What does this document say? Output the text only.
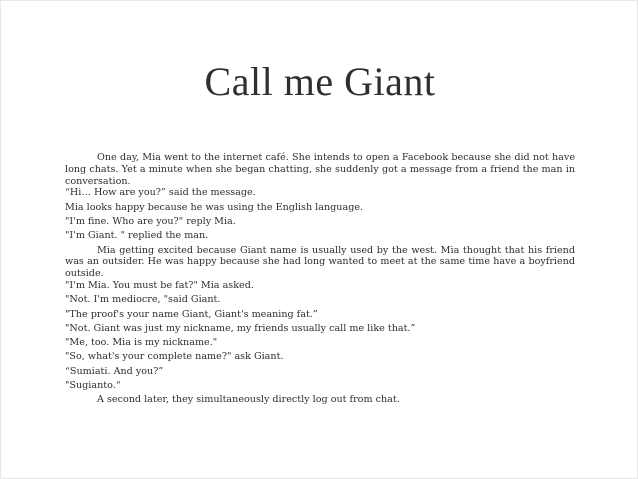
Call me Giant

One day, Mia went to the internet café. She intends to open a Facebook because she did not have long chats. Yet a minute when she began chatting, she suddenly got a message from a friend the man in conversation.

“Hi… How are you?” said the message.

Mia looks happy because he was using the English language.

"I'm fine. Who are you?" reply Mia.

"I'm Giant. " replied the man.

Mia getting excited because Giant name is usually used by the west. Mia thought that his friend was an outsider. He was happy because she had long wanted to meet at the same time have a boyfriend outside.

"I'm Mia. You must be fat?" Mia asked.

"Not. I'm mediocre, "said Giant.

"The proof's your name Giant, Giant's meaning fat.”

"Not. Giant was just my nickname, my friends usually call me like that.”

"Me, too. Mia is my nickname."

"So, what's your complete name?" ask Giant.

“Sumiati. And you?”

"Sugianto.“

A second later, they simultaneously directly log out from chat.
